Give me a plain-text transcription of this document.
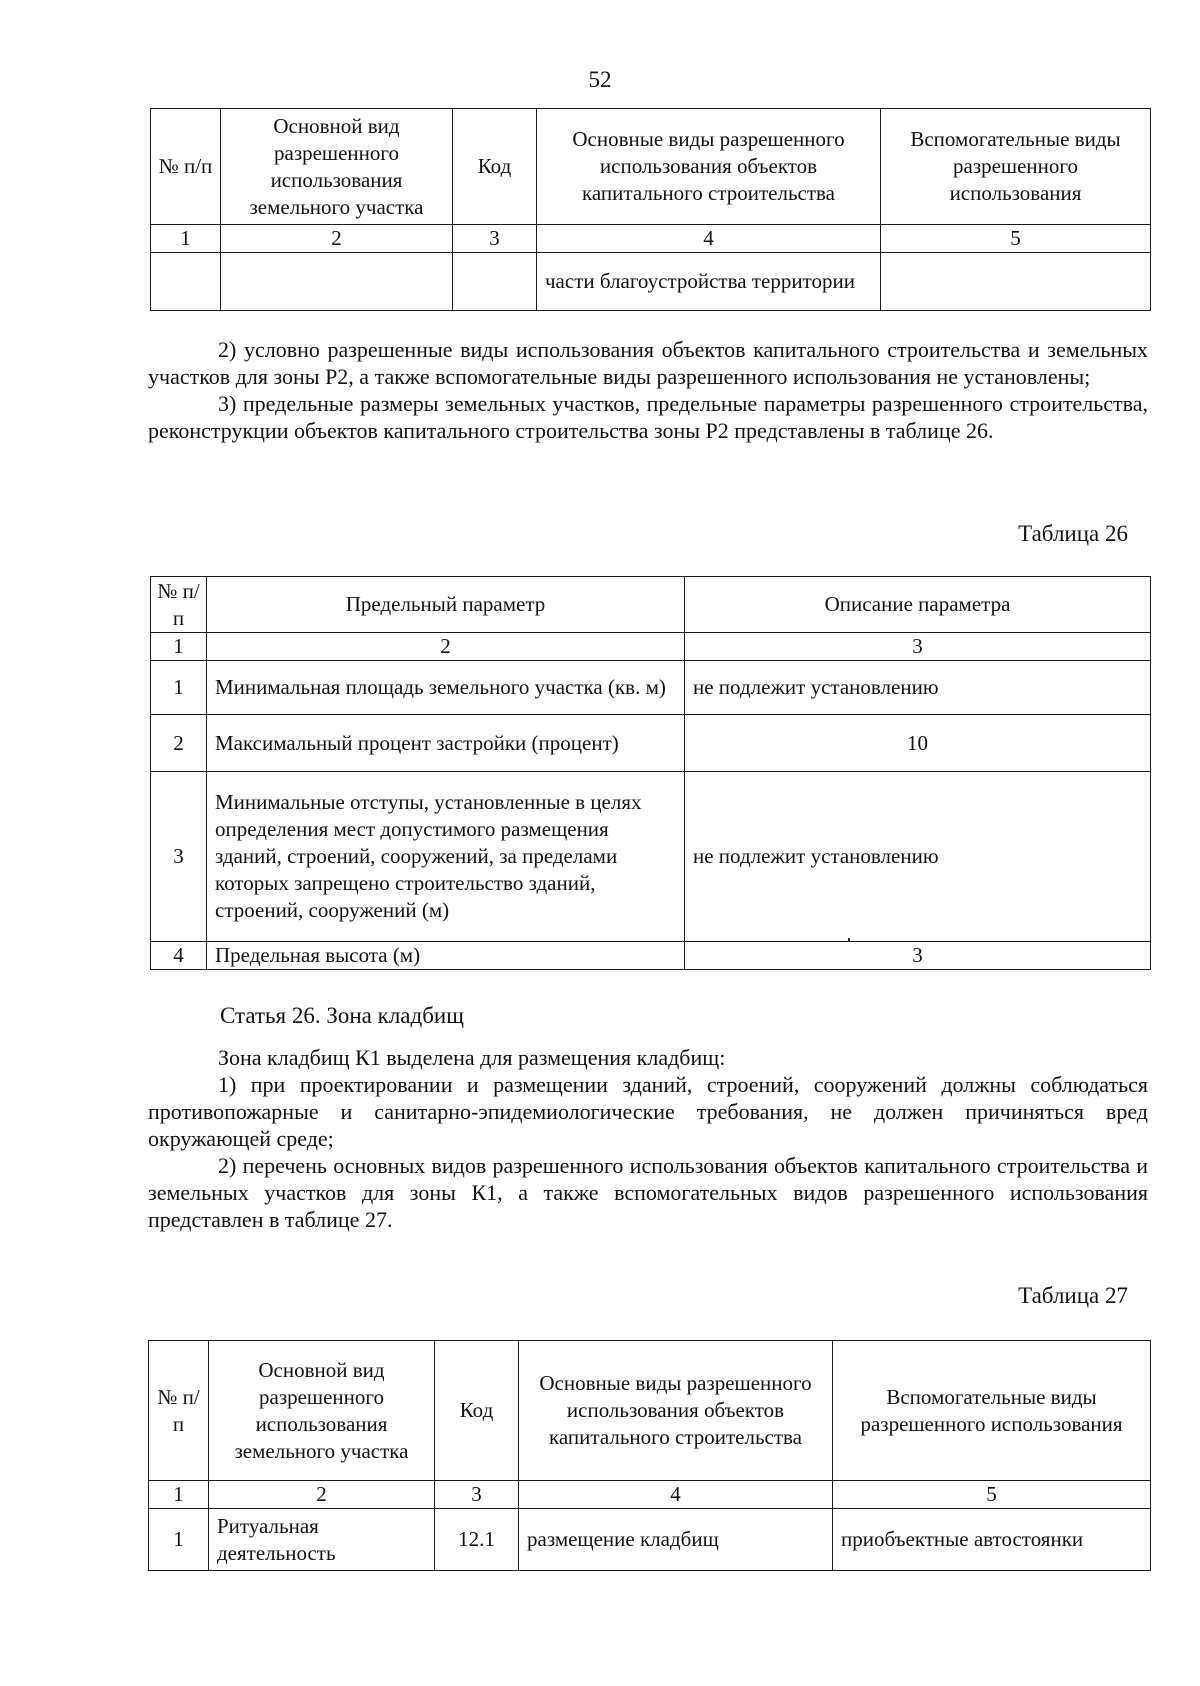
52
№ п/п	Основной вид разрешенного использования земельного участка	Код	Основные виды разрешенного использования объектов капитального строительства	Вспомогательные виды разрешенного использования
1	2	3	4	5
			части благоустройства территории	

2) условно разрешенные виды использования объектов капитального строительства и земельных участков для зоны Р2, а также вспомогательные виды разрешенного использования не установлены;

3) предельные размеры земельных участков, предельные параметры разрешенного строительства, реконструкции объектов капитального строительства зоны Р2 представлены в таблице 26.

Таблица 26
№ п/п	Предельный параметр	Описание параметра
1	2	3
1	Минимальная площадь земельного участка (кв. м)	не подлежит установлению
2	Максимальный процент застройки (процент)	10
3	Минимальные отступы, установленные в целях определения мест допустимого размещения зданий, строений, сооружений, за пределами которых запрещено строительство зданий, строений, сооружений (м)	не подлежит установлению
4	Предельная высота (м)	3
Статья 26. Зона кладбищ

Зона кладбищ К1 выделена для размещения кладбищ:

1) при проектировании и размещении зданий, строений, сооружений должны соблюдаться противопожарные и санитарно-эпидемиологические требования, не должен причиняться вред окружающей среде;

2) перечень основных видов разрешенного использования объектов капитального строительства и земельных участков для зоны К1, а также вспомогательных видов разрешенного использования представлен в таблице 27.

Таблица 27
№ п/п	Основной вид разрешенного использования земельного участка	Код	Основные виды разрешенного использования объектов капитального строительства	Вспомогательные виды разрешенного использования
1	2	3	4	5
1	Ритуальная деятельность	12.1	размещение кладбищ	приобъектные автостоянки
